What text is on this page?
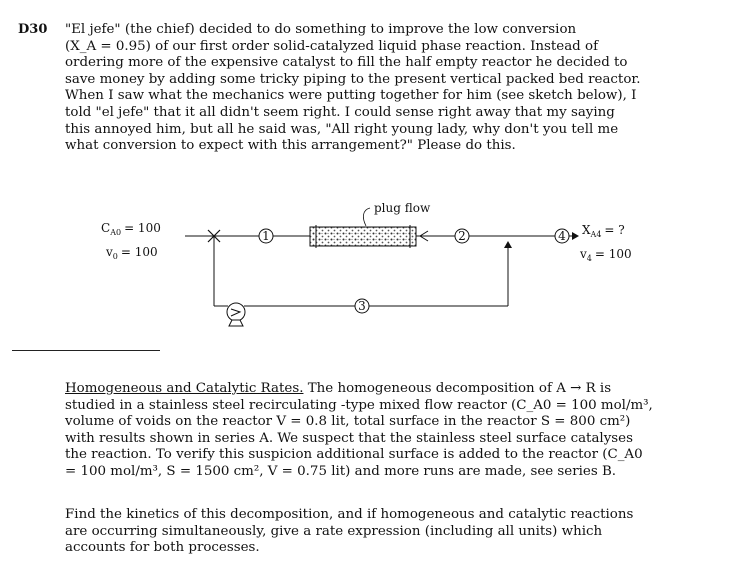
D30 "El jefe" (the chief) decided to do something to improve the low conversion
(X_A = 0.95) of our first order solid-catalyzed liquid phase reaction. Instead of
ordering more of the expensive catalyst to fill the half empty reactor he decided to
save money by adding some tricky piping to the present vertical packed bed reactor.
When I saw what the mechanics were putting together for him (see sketch below), I
told "el jefe" that it all didn't seem right. I could sense right away that my saying
this annoyed him, but all he said was, "All right young lady, why don't you tell me
what conversion to expect with this arrangement?" Please do this.

$C_{A0} = 100$
$v_0 = 100$
1
plug flow
2	4 $X_{A4}$ = ?
$v_4 = 100$
3

Homogeneous and Catalytic Rates. The homogeneous decomposition of A → R is
studied in a stainless steel recirculating -type mixed flow reactor (C_A0 = 100 mol/m³,
volume of voids on the reactor V = 0.8 lit, total surface in the reactor S = 800 cm²)
with results shown in series A. We suspect that the stainless steel surface catalyses
the reaction. To verify this suspicion additional surface is added to the reactor (C_A0
= 100 mol/m³, S = 1500 cm², V = 0.75 lit) and more runs are made, see series B.

Find the kinetics of this decomposition, and if homogeneous and catalytic reactions
are occurring simultaneously, give a rate expression (including all units) which
accounts for both processes.
